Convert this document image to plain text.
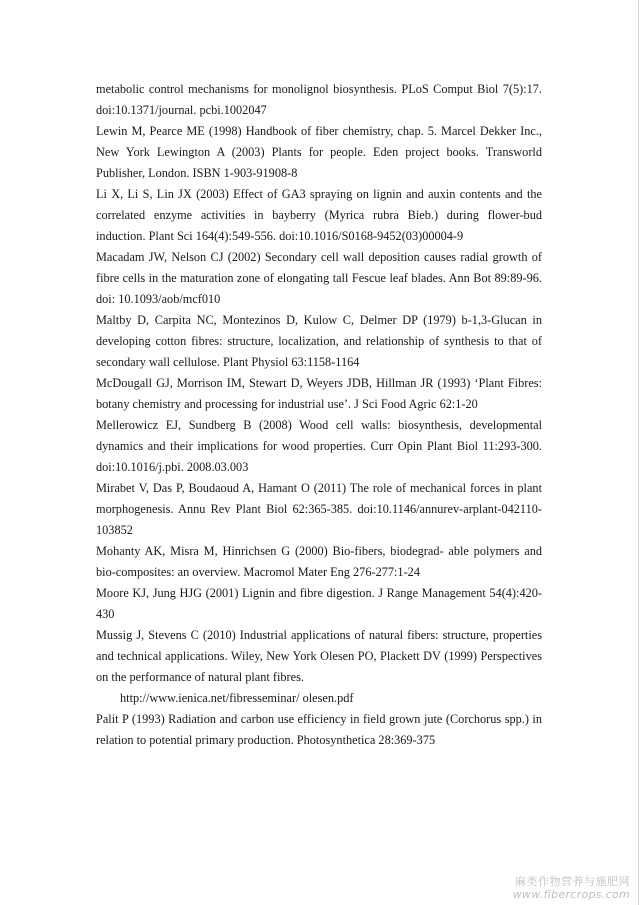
metabolic control mechanisms for monolignol biosynthesis. PLoS Comput Biol 7(5):17. doi:10.1371/journal. pcbi.1002047

Lewin M, Pearce ME (1998) Handbook of fiber chemistry, chap. 5. Marcel Dekker Inc., New York Lewington A (2003) Plants for people. Eden project books. Transworld Publisher, London. ISBN 1-903-91908-8

Li X, Li S, Lin JX (2003) Effect of GA3 spraying on lignin and auxin contents and the correlated enzyme activities in bayberry (Myrica rubra Bieb.) during flower-bud induction. Plant Sci 164(4):549-556. doi:10.1016/S0168-9452(03)00004-9

Macadam JW, Nelson CJ (2002) Secondary cell wall deposition causes radial growth of fibre cells in the maturation zone of elongating tall Fescue leaf blades. Ann Bot 89:89-96. doi: 10.1093/aob/mcf010

Maltby D, Carpita NC, Montezinos D, Kulow C, Delmer DP (1979) b-1,3-Glucan in developing cotton fibres: structure, localization, and relationship of synthesis to that of secondary wall cellulose. Plant Physiol 63:1158-1164

McDougall GJ, Morrison IM, Stewart D, Weyers JDB, Hillman JR (1993) ‘Plant Fibres: botany chemistry and processing for industrial use’. J Sci Food Agric 62:1-20

Mellerowicz EJ, Sundberg B (2008) Wood cell walls: biosynthesis, developmental dynamics and their implications for wood properties. Curr Opin Plant Biol 11:293-300. doi:10.1016/j.pbi. 2008.03.003

Mirabet V, Das P, Boudaoud A, Hamant O (2011) The role of mechanical forces in plant morphogenesis. Annu Rev Plant Biol 62:365-385. doi:10.1146/annurev-arplant-042110-103852

Mohanty AK, Misra M, Hinrichsen G (2000) Bio-fibers, biodegrad- able polymers and bio-composites: an overview. Macromol Mater Eng 276-277:1-24

Moore KJ, Jung HJG (2001) Lignin and fibre digestion. J Range Management 54(4):420-430

Mussig J, Stevens C (2010) Industrial applications of natural fibers: structure, properties and technical applications. Wiley, New York Olesen PO, Plackett DV (1999) Perspectives on the performance of natural plant fibres.
http://www.ienica.net/fibresseminar/ olesen.pdf

Palit P (1993) Radiation and carbon use efficiency in field grown jute (Corchorus spp.) in relation to potential primary production. Photosynthetica 28:369-375

麻类作物营养与施肥网
www.fibercrops.com
